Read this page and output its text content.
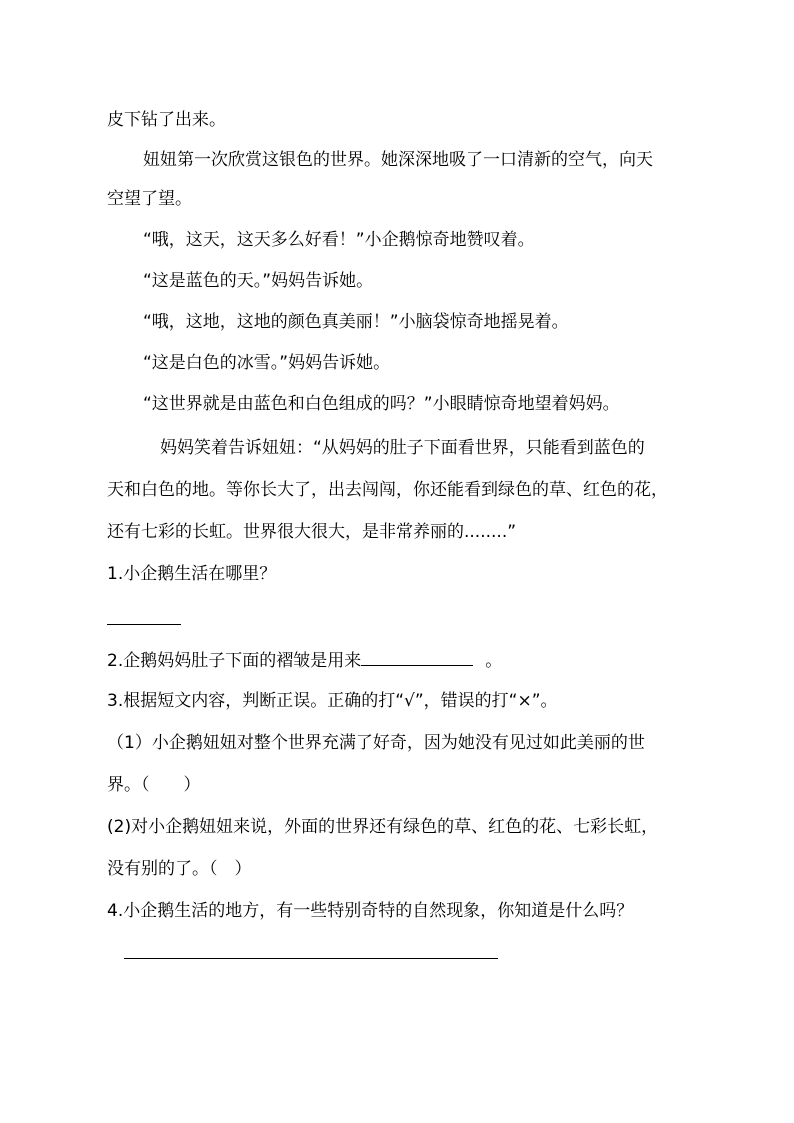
皮下钻了出来。
妞妞第一次欣赏这银色的世界。她深深地吸了一口清新的空气，向天
空望了望。
“哦，这天，这天多么好看！”小企鹅惊奇地赞叹着。
“这是蓝色的天。”妈妈告诉她。
“哦，这地，这地的颜色真美丽！”小脑袋惊奇地摇晃着。
“这是白色的冰雪。”妈妈告诉她。
“这世界就是由蓝色和白色组成的吗？”小眼睛惊奇地望着妈妈。
妈妈笑着告诉妞妞：“从妈妈的肚子下面看世界，只能看到蓝色的
天和白色的地。等你长大了，出去闯闯，你还能看到绿色的草、红色的花，
还有七彩的长虹。世界很大很大，是非常养丽的........”
1.小企鹅生活在哪里？
2.企鹅妈妈肚子下面的褶皱是用来	。
3.根据短文内容，判断正误。正确的打“√”，错误的打“×”。
（1）小企鹅妞妞对整个世界充满了好奇，因为她没有见过如此美丽的世
界。（　　）
(2)对小企鹅妞妞来说，外面的世界还有绿色的草、红色的花、七彩长虹，
没有别的了。（　）
4.小企鹅生活的地方，有一些特别奇特的自然现象，你知道是什么吗？
